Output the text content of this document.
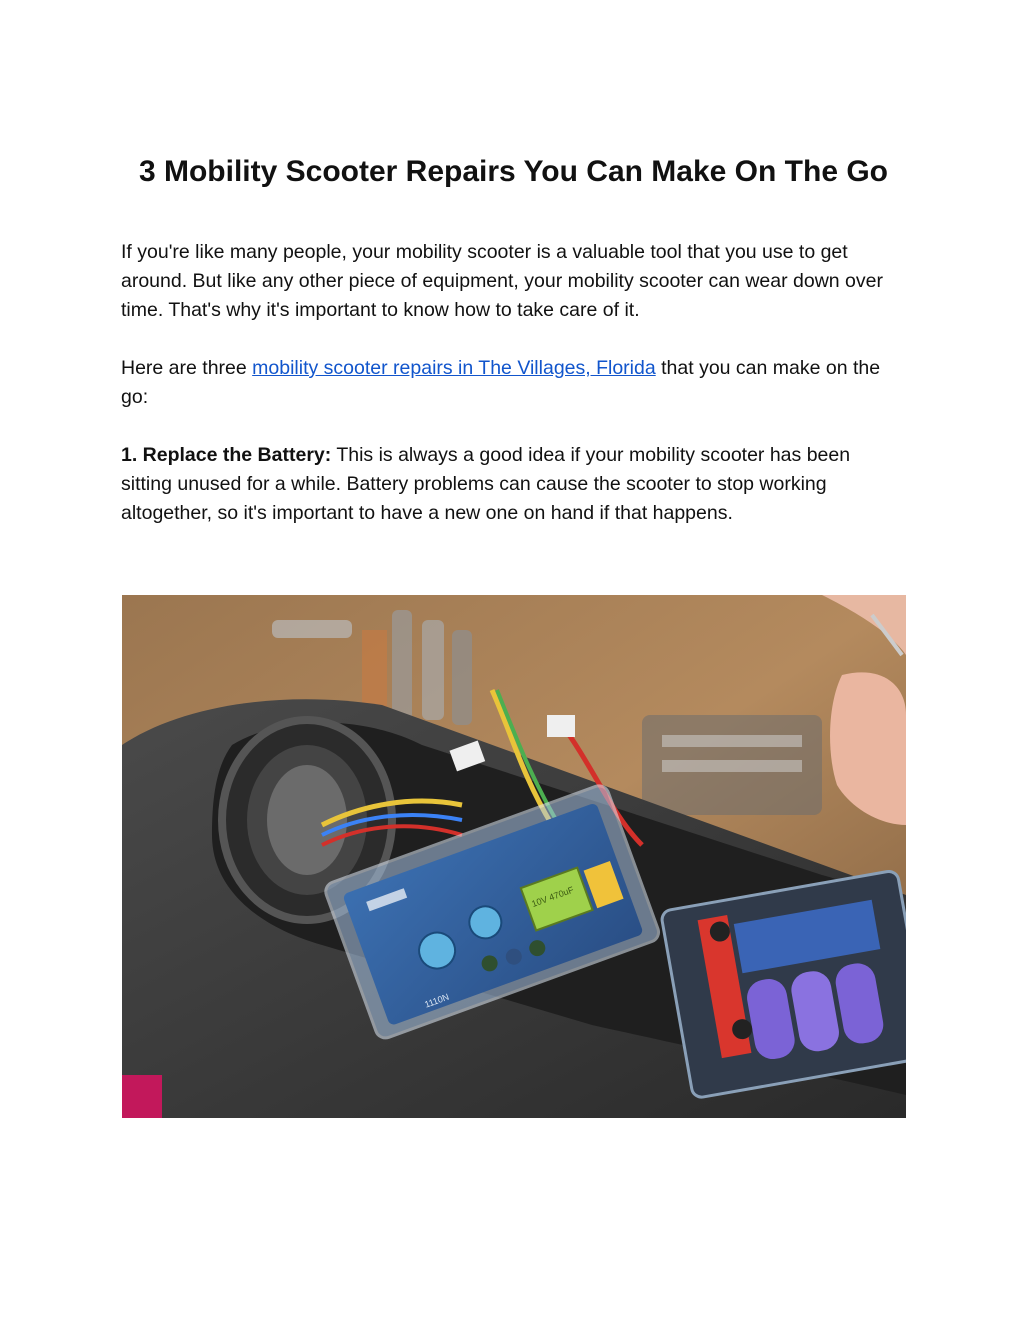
3 Mobility Scooter Repairs You Can Make On The Go

If you're like many people, your mobility scooter is a valuable tool that you use to get around. But like any other piece of equipment, your mobility scooter can wear down over time. That's why it's important to know how to take care of it.

Here are three mobility scooter repairs in The Villages, Florida that you can make on the go:

1. Replace the Battery: This is always a good idea if your mobility scooter has been sitting unused for a while. Battery problems can cause the scooter to stop working altogether, so it's important to have a new one on hand if that happens.

10V 470uF
1110N
